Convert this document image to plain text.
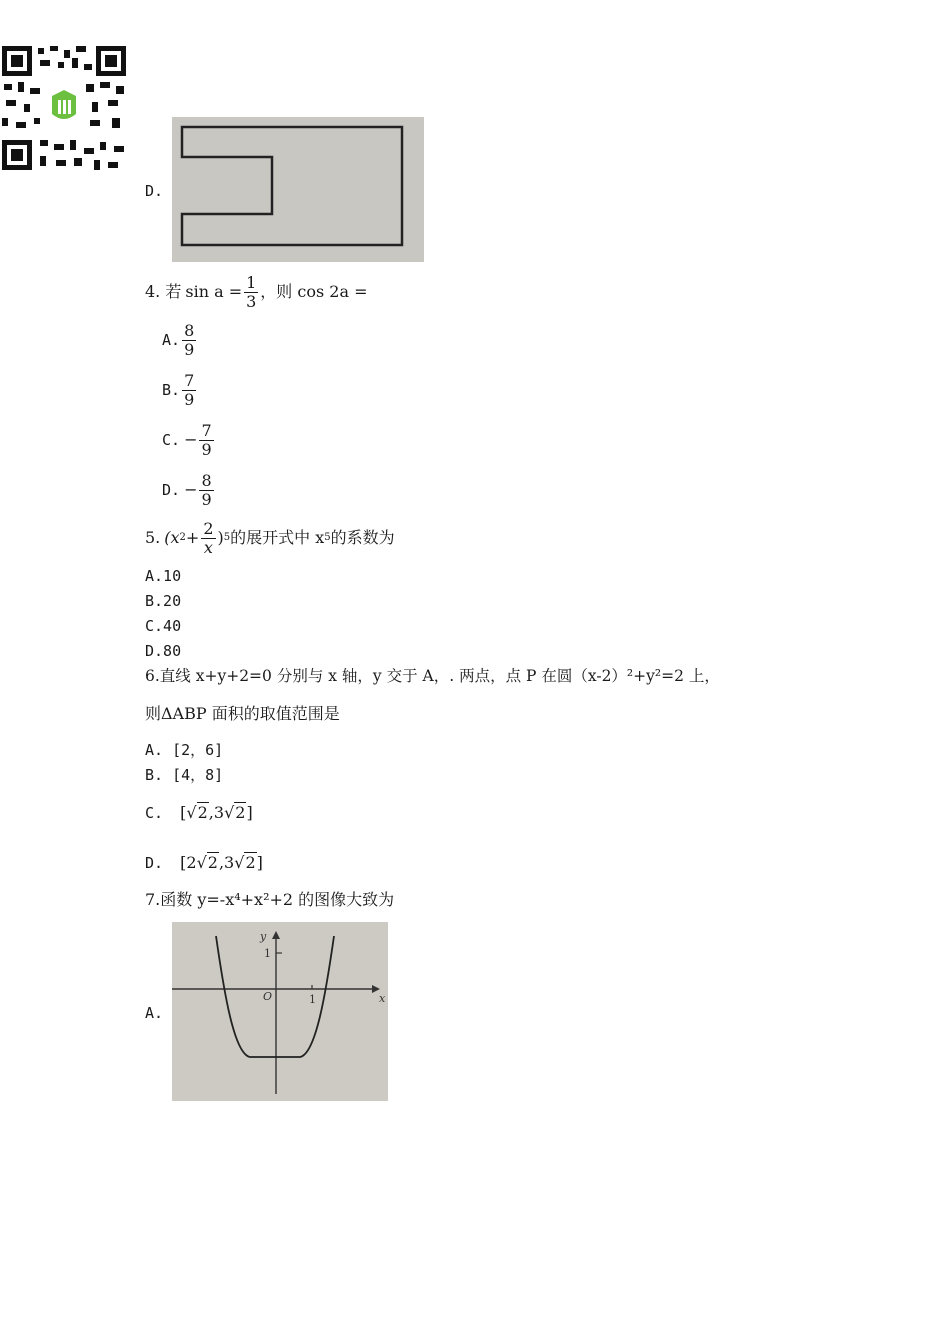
D.
4. 若 $\sin a = \frac{1}{3}$ ，则 cos 2a =
A. $\frac{8}{9}$
B. $\frac{7}{9}$
C. − $\frac{7}{9}$
D. − $\frac{8}{9}$
5. (x $2 + \frac{2}{x}$ ) 5 的展开式中 x 5 的系数为
A.10
B.20
C.40
D.80
6.直线 x+y+2=0 分别与 x 轴，y 交于 A，. 两点，点 P 在圆（x-2）²+y²=2 上，
则ΔABP 面积的取值范围是
A. [2，6]
B. [4，8]
C. [√2,3√2]
D. [2√2,3√2]
7.函数 y=-x⁴+x²+2 的图像大致为
A.
y
x
O	1
1
